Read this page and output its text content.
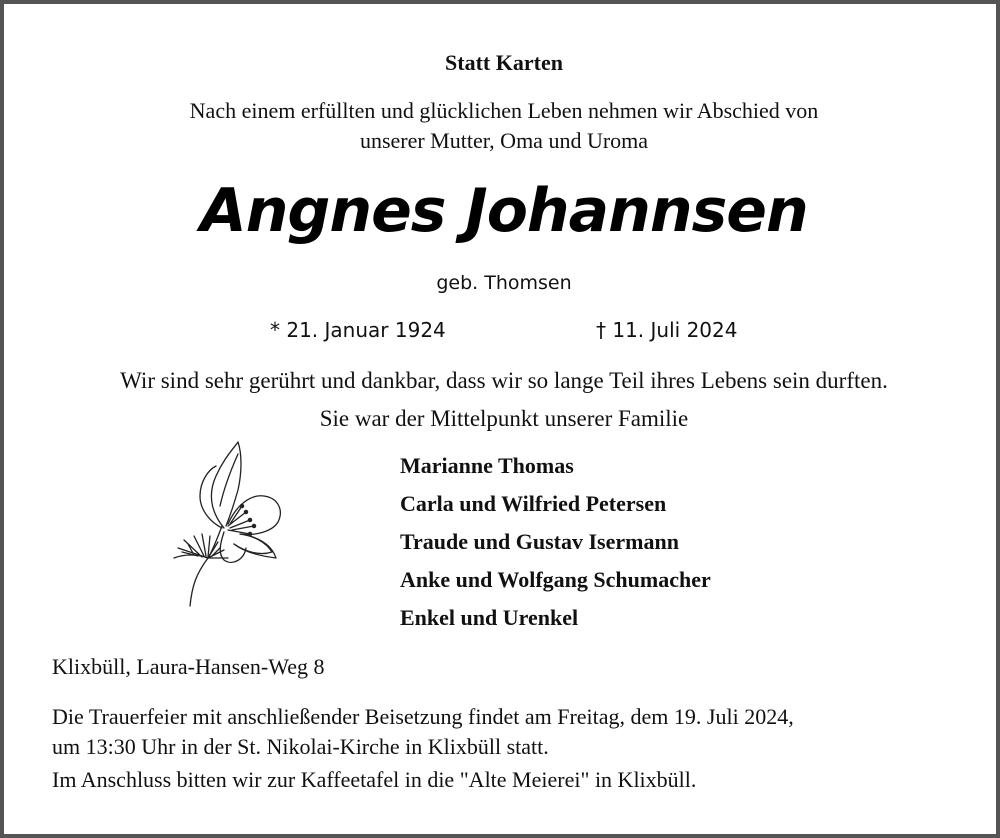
Statt Karten
Nach einem erfüllten und glücklichen Leben nehmen wir Abschied von
unserer Mutter, Oma und Uroma
Angnes Johannsen
geb. Thomsen
* 21. Januar 1924	† 11. Juli 2024
Wir sind sehr gerührt und dankbar, dass wir so lange Teil ihres Lebens sein durften.
Sie war der Mittelpunkt unserer Familie
Marianne Thomas
Carla und Wilfried Petersen
Traude und Gustav Isermann
Anke und Wolfgang Schumacher
Enkel und Urenkel
Klixbüll, Laura-Hansen-Weg 8
Die Trauerfeier mit anschließender Beisetzung findet am Freitag, dem 19. Juli 2024,
um 13:30 Uhr in der St. Nikolai-Kirche in Klixbüll statt.
Im Anschluss bitten wir zur Kaffeetafel in die "Alte Meierei" in Klixbüll.
